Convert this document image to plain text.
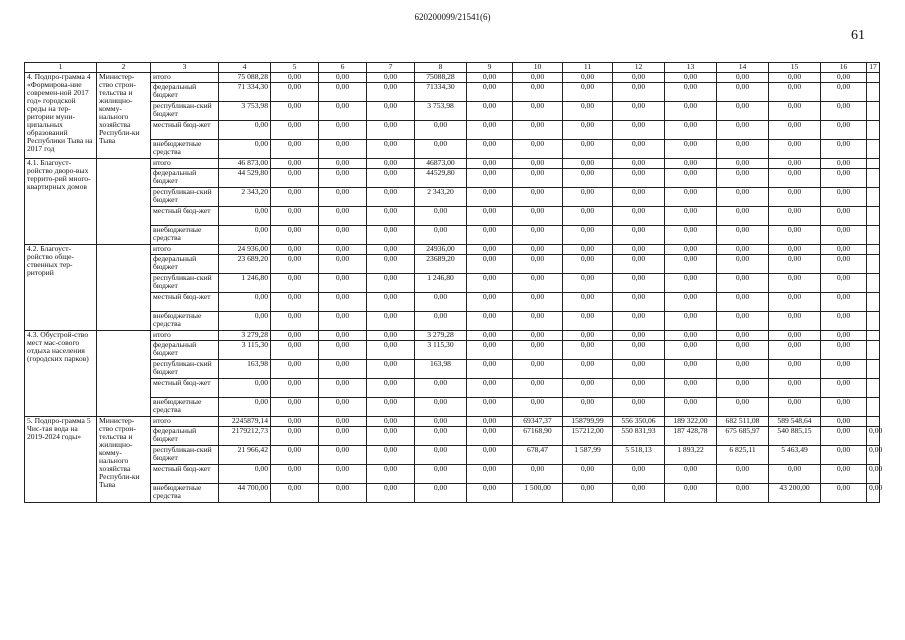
620200099/21541(6)
61
1	2	3	4	5	6	7	8	9	10	11	12	13	14	15	16	17
4. Подпро-грамма 4 «Формирова-ние современ-ной 2017 год» городской среды на тер-ритории муни-ципальных образований Республики Тыва на 2017 год	Министер-ство строи-тельства и жилищно-комму-нального хозяйства Республи-ки Тыва	итого	75 088,28	0,00	0,00	0,00	75088,28	0,00	0,00	0,00	0,00	0,00	0,00	0,00	0,00	
		федеральный бюджет	71 334,30	0,00	0,00	0,00	71334,30	0,00	0,00	0,00	0,00	0,00	0,00	0,00	0,00	
		республикан-ский бюджет	3 753,98	0,00	0,00	0,00	3 753,98	0,00	0,00	0,00	0,00	0,00	0,00	0,00	0,00	
		местный бюд-жет	0,00	0,00	0,00	0,00	0,00	0,00	0,00	0,00	0,00	0,00	0,00	0,00	0,00	
		внебюджетные средства	0,00	0,00	0,00	0,00	0,00	0,00	0,00	0,00	0,00	0,00	0,00	0,00	0,00	
4.1. Благоуст-ройство дворо-вых террито-рий много-квартирных домов		итого	46 873,00	0,00	0,00	0,00	46873,00	0,00	0,00	0,00	0,00	0,00	0,00	0,00	0,00	
		федеральный бюджет	44 529,80	0,00	0,00	0,00	44529,80	0,00	0,00	0,00	0,00	0,00	0,00	0,00	0,00	
		республикан-ский бюджет	2 343,20	0,00	0,00	0,00	2 343,20	0,00	0,00	0,00	0,00	0,00	0,00	0,00	0,00	
		местный бюд-жет	0,00	0,00	0,00	0,00	0,00	0,00	0,00	0,00	0,00	0,00	0,00	0,00	0,00	
		внебюджетные средства	0,00	0,00	0,00	0,00	0,00	0,00	0,00	0,00	0,00	0,00	0,00	0,00	0,00	
4.2. Благоуст-ройство обще-ственных тер-риторий		итого	24 936,00	0,00	0,00	0,00	24936,00	0,00	0,00	0,00	0,00	0,00	0,00	0,00	0,00	
		федеральный бюджет	23 689,20	0,00	0,00	0,00	23689,20	0,00	0,00	0,00	0,00	0,00	0,00	0,00	0,00	
		республикан-ский бюджет	1 246,80	0,00	0,00	0,00	1 246,80	0,00	0,00	0,00	0,00	0,00	0,00	0,00	0,00	
		местный бюд-жет	0,00	0,00	0,00	0,00	0,00	0,00	0,00	0,00	0,00	0,00	0,00	0,00	0,00	
		внебюджетные средства	0,00	0,00	0,00	0,00	0,00	0,00	0,00	0,00	0,00	0,00	0,00	0,00	0,00	
4.3. Обустрой-ство мест мас-сового отдыха населения (городских парков)		итого	3 279,28	0,00	0,00	0,00	3 279,28	0,00	0,00	0,00	0,00	0,00	0,00	0,00	0,00	
		федеральный бюджет	3 115,30	0,00	0,00	0,00	3 115,30	0,00	0,00	0,00	0,00	0,00	0,00	0,00	0,00	
		республикан-ский бюджет	163,98	0,00	0,00	0,00	163,98	0,00	0,00	0,00	0,00	0,00	0,00	0,00	0,00	
		местный бюд-жет	0,00	0,00	0,00	0,00	0,00	0,00	0,00	0,00	0,00	0,00	0,00	0,00	0,00	
		внебюджетные средства	0,00	0,00	0,00	0,00	0,00	0,00	0,00	0,00	0,00	0,00	0,00	0,00	0,00	
5. Подпро-грамма 5 Чис-тая вода на 2019-2024 годы»	Министер-ство строи-тельства и жилищно-комму-нального хозяйства Республи-ки Тыва	итого	2245879,14	0,00	0,00	0,00	0,00	0,00	69347,37	158799,99	556 350,06	189 322,00	682 511,08	589 548,64	0,00	
		федеральный бюджет	2179212,73	0,00	0,00	0,00	0,00	0,00	67168,90	157212,00	550 831,93	187 428,78	675 685,97	540 885,15	0,00	0,00
		республикан-ский бюджет	21 966,42	0,00	0,00	0,00	0,00	0,00	678,47	1 587,99	5 518,13	1 893,22	6 825,11	5 463,49	0,00	0,00
		местный бюд-жет	0,00	0,00	0,00	0,00	0,00	0,00	0,00	0,00	0,00	0,00	0,00	0,00	0,00	0,00
		внебюджетные средства	44 700,00	0,00	0,00	0,00	0,00	0,00	1 500,00	0,00	0,00	0,00	0,00	43 200,00	0,00	0,00
